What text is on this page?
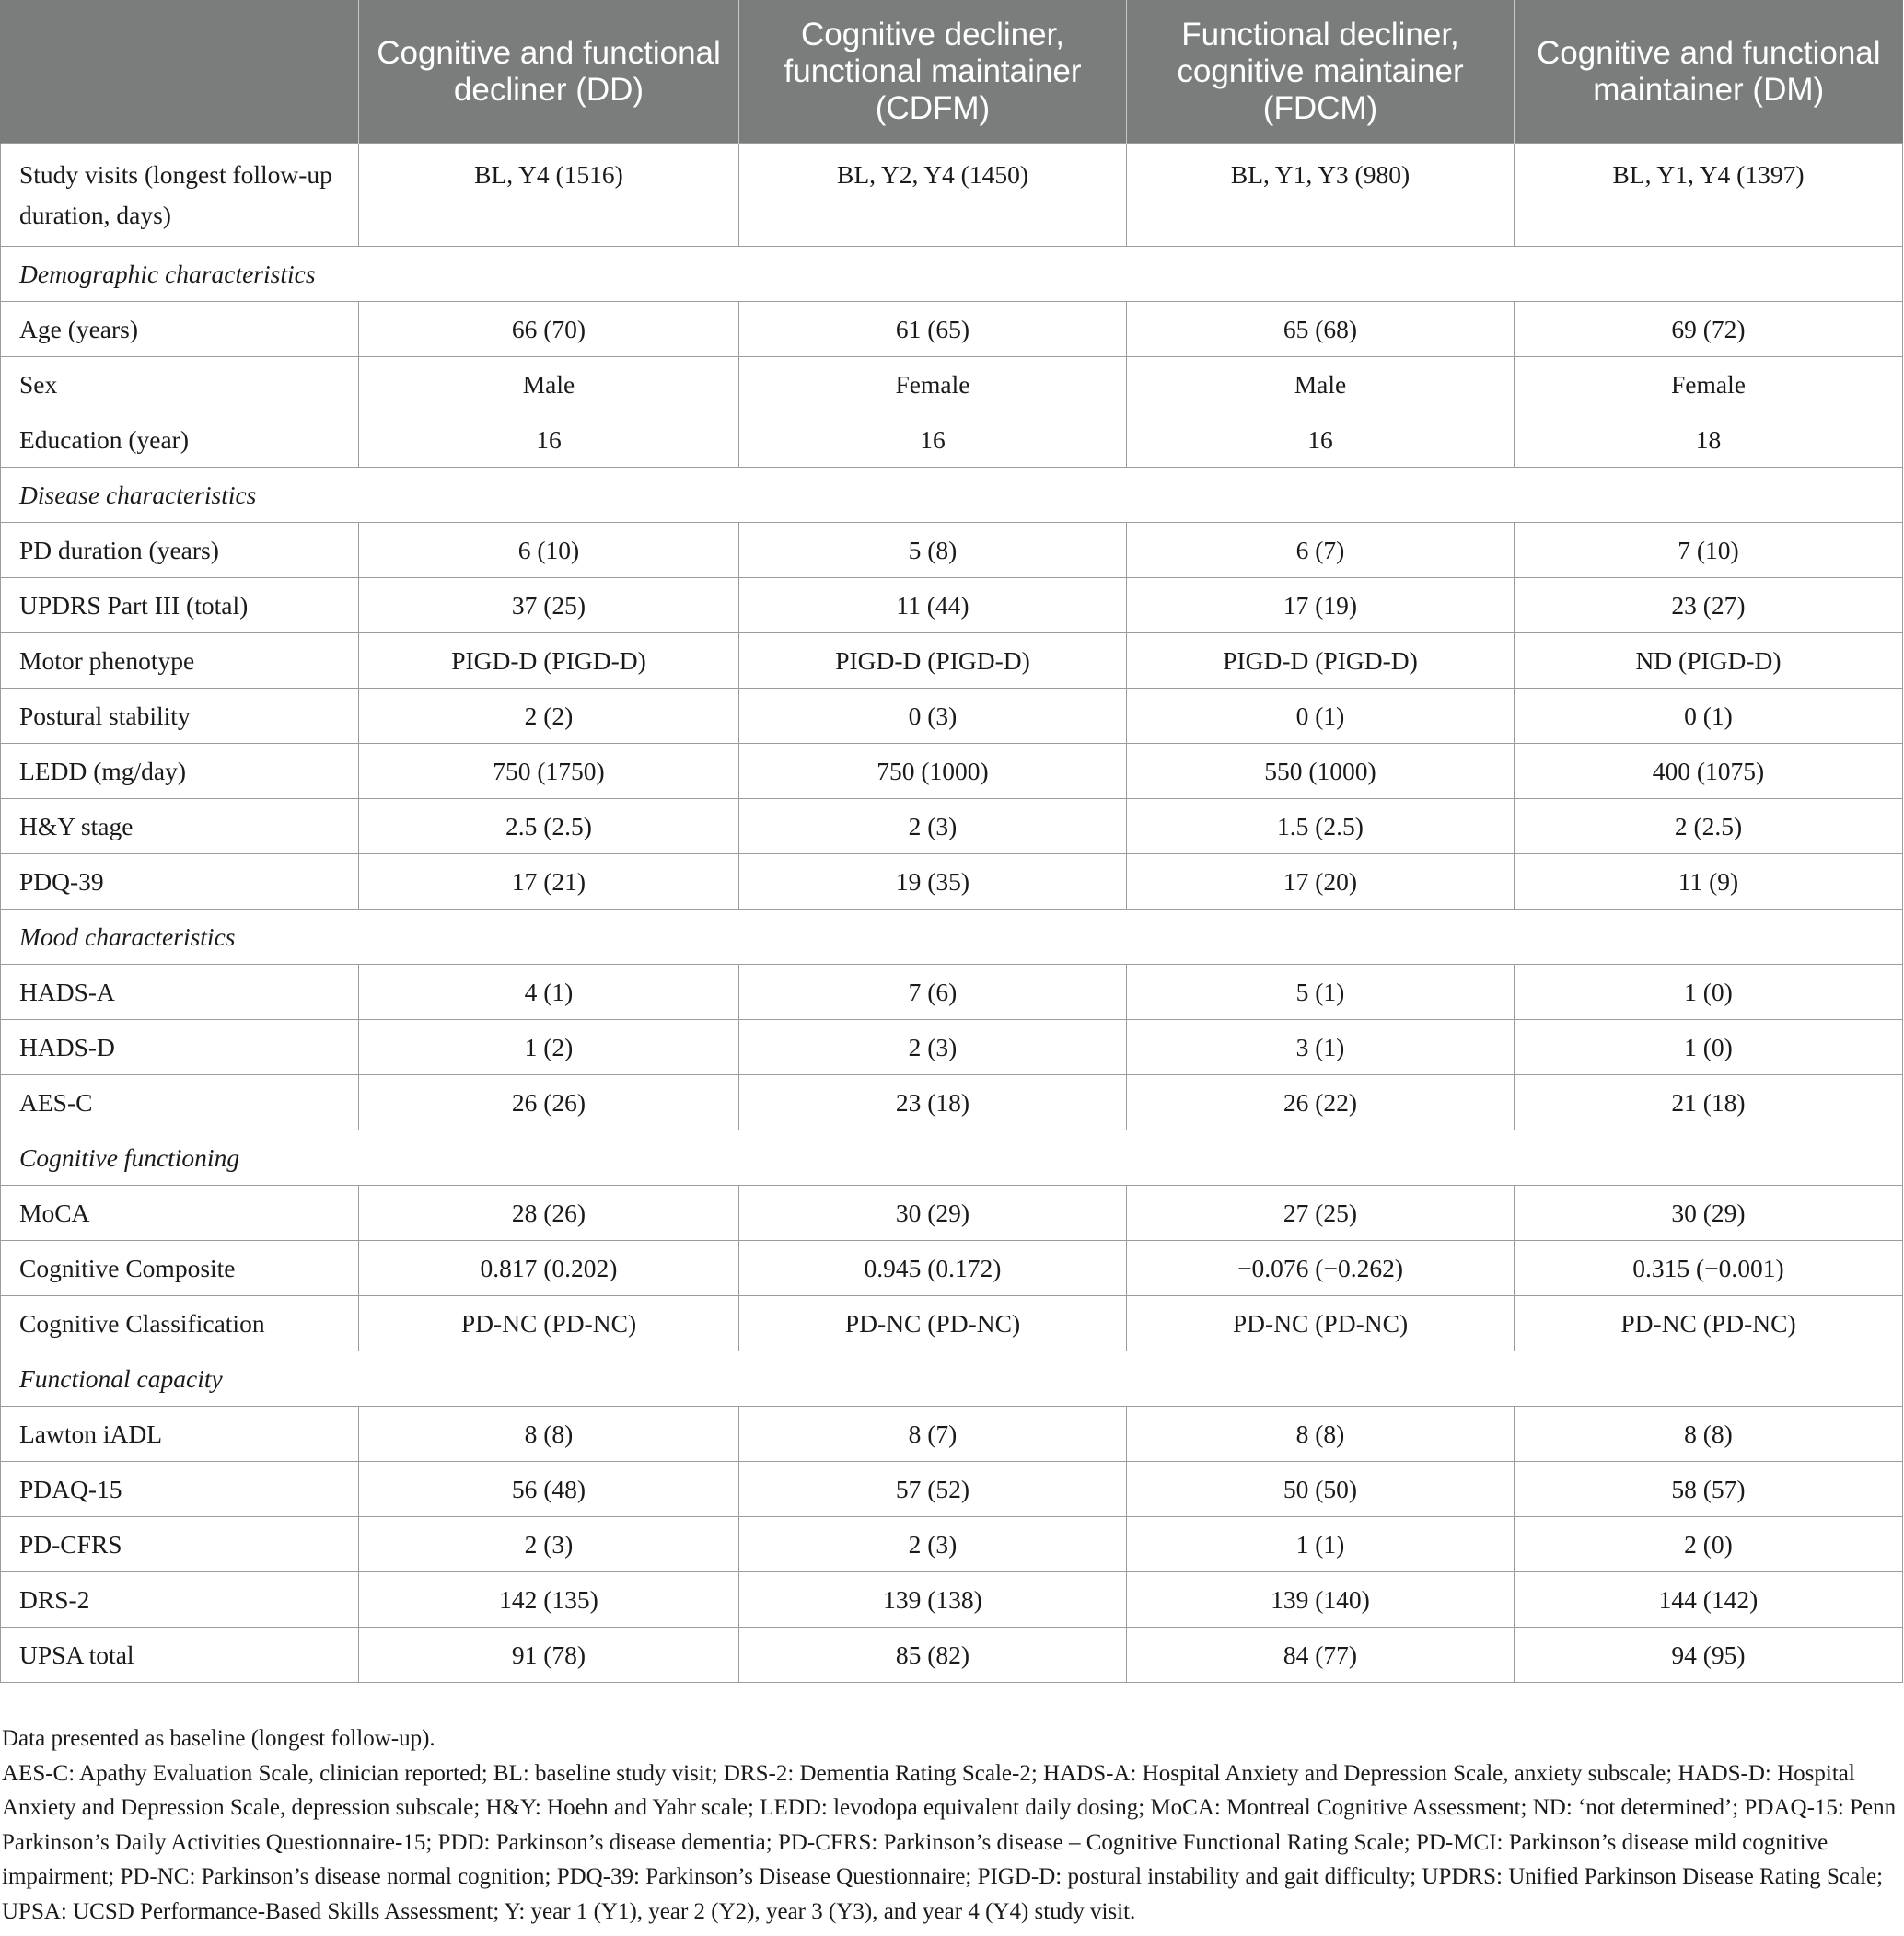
	Cognitive and functional decliner (DD)	Cognitive decliner, functional maintainer (CDFM)	Functional decliner, cognitive maintainer (FDCM)	Cognitive and functional maintainer (DM)
Study visits (longest follow-up duration, days)	BL, Y4 (1516)	BL, Y2, Y4 (1450)	BL, Y1, Y3 (980)	BL, Y1, Y4 (1397)
Demographic characteristics				
Age (years)	66 (70)	61 (65)	65 (68)	69 (72)
Sex	Male	Female	Male	Female
Education (year)	16	16	16	18
Disease characteristics				
PD duration (years)	6 (10)	5 (8)	6 (7)	7 (10)
UPDRS Part III (total)	37 (25)	11 (44)	17 (19)	23 (27)
Motor phenotype	PIGD-D (PIGD-D)	PIGD-D (PIGD-D)	PIGD-D (PIGD-D)	ND (PIGD-D)
Postural stability	2 (2)	0 (3)	0 (1)	0 (1)
LEDD (mg/day)	750 (1750)	750 (1000)	550 (1000)	400 (1075)
H&Y stage	2.5 (2.5)	2 (3)	1.5 (2.5)	2 (2.5)
PDQ-39	17 (21)	19 (35)	17 (20)	11 (9)
Mood characteristics				
HADS-A	4 (1)	7 (6)	5 (1)	1 (0)
HADS-D	1 (2)	2 (3)	3 (1)	1 (0)
AES-C	26 (26)	23 (18)	26 (22)	21 (18)
Cognitive functioning				
MoCA	28 (26)	30 (29)	27 (25)	30 (29)
Cognitive Composite	0.817 (0.202)	0.945 (0.172)	−0.076 (−0.262)	0.315 (−0.001)
Cognitive Classification	PD-NC (PD-NC)	PD-NC (PD-NC)	PD-NC (PD-NC)	PD-NC (PD-NC)
Functional capacity				
Lawton iADL	8 (8)	8 (7)	8 (8)	8 (8)
PDAQ-15	56 (48)	57 (52)	50 (50)	58 (57)
PD-CFRS	2 (3)	2 (3)	1 (1)	2 (0)
DRS-2	142 (135)	139 (138)	139 (140)	144 (142)
UPSA total	91 (78)	85 (82)	84 (77)	94 (95)

Data presented as baseline (longest follow-up).

AES-C: Apathy Evaluation Scale, clinician reported; BL: baseline study visit; DRS-2: Dementia Rating Scale-2; HADS-A: Hospital Anxiety and Depression Scale, anxiety subscale; HADS-D: Hospital Anxiety and Depression Scale, depression subscale; H&Y: Hoehn and Yahr scale; LEDD: levodopa equivalent daily dosing; MoCA: Montreal Cognitive Assessment; ND: ‘not determined’; PDAQ-15: Penn Parkinson’s Daily Activities Questionnaire-15; PDD: Parkinson’s disease dementia; PD-CFRS: Parkinson’s disease – Cognitive Functional Rating Scale; PD-MCI: Parkinson’s disease mild cognitive impairment; PD-NC: Parkinson’s disease normal cognition; PDQ-39: Parkinson’s Disease Questionnaire; PIGD-D: postural instability and gait difficulty; UPDRS: Unified Parkinson Disease Rating Scale; UPSA: UCSD Performance-Based Skills Assessment; Y: year 1 (Y1), year 2 (Y2), year 3 (Y3), and year 4 (Y4) study visit.
